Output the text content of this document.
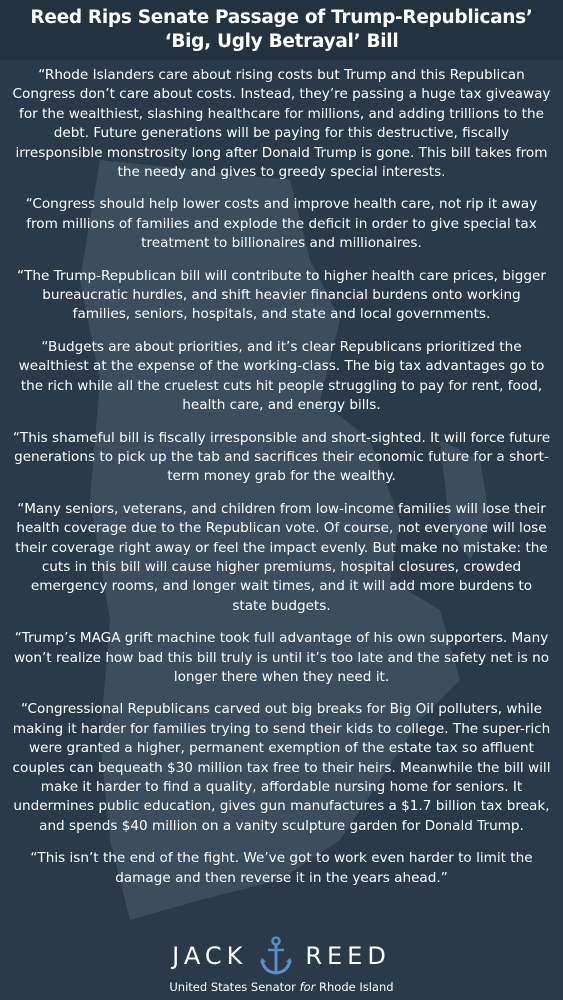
Reed Rips Senate Passage of Trump-Republicans’
‘Big, Ugly Betrayal’ Bill

“Rhode Islanders care about rising costs but Trump and this Republican Congress don’t care about costs. Instead, they’re passing a huge tax giveaway for the wealthiest, slashing healthcare for millions, and adding trillions to the debt. Future generations will be paying for this destructive, fiscally irresponsible monstrosity long after Donald Trump is gone. This bill takes from the needy and gives to greedy special interests.

“Congress should help lower costs and improve health care, not rip it away from millions of families and explode the deficit in order to give special tax treatment to billionaires and millionaires.

“The Trump-Republican bill will contribute to higher health care prices, bigger bureaucratic hurdles, and shift heavier financial burdens onto working families, seniors, hospitals, and state and local governments.

“Budgets are about priorities, and it’s clear Republicans prioritized the wealthiest at the expense of the working-class. The big tax advantages go to the rich while all the cruelest cuts hit people struggling to pay for rent, food, health care, and energy bills.

“This shameful bill is fiscally irresponsible and short-sighted. It will force future generations to pick up the tab and sacrifices their economic future for a short-term money grab for the wealthy.

“Many seniors, veterans, and children from low-income families will lose their health coverage due to the Republican vote. Of course, not everyone will lose their coverage right away or feel the impact evenly. But make no mistake: the cuts in this bill will cause higher premiums, hospital closures, crowded emergency rooms, and longer wait times, and it will add more burdens to state budgets.

“Trump’s MAGA grift machine took full advantage of his own supporters. Many won’t realize how bad this bill truly is until it’s too late and the safety net is no longer there when they need it.

“Congressional Republicans carved out big breaks for Big Oil polluters, while making it harder for families trying to send their kids to college. The super-rich were granted a higher, permanent exemption of the estate tax so affluent couples can bequeath $30 million tax free to their heirs. Meanwhile the bill will make it harder to find a quality, affordable nursing home for seniors. It undermines public education, gives gun manufactures a $1.7 billion tax break, and spends $40 million on a vanity sculpture garden for Donald Trump.

“This isn’t the end of the fight. We’ve got to work even harder to limit the damage and then reverse it in the years ahead.”

JACK REED
United States Senator for Rhode Island
